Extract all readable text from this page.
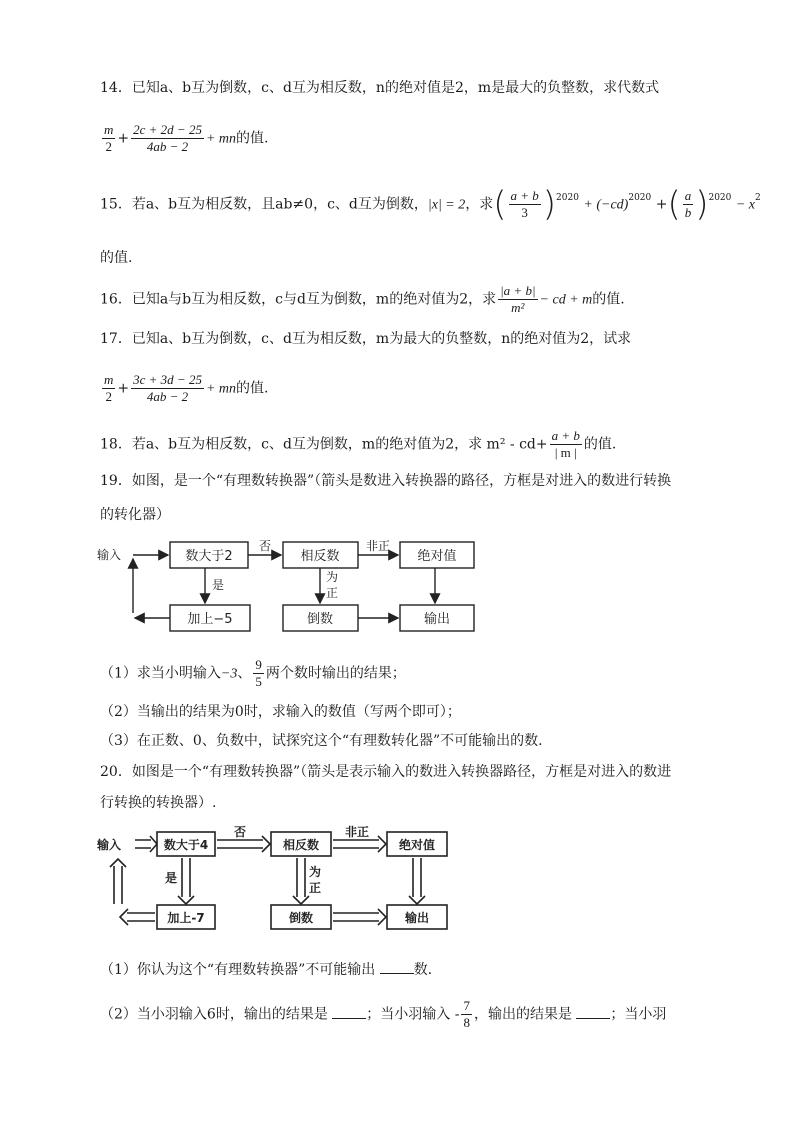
14．已知a、b互为倒数，c、d互为相反数，n的绝对值是2，m是最大的负整数，求代数式
$\frac{m}{2} + \frac{2c + 2d - 25}{4ab - 2}$ + mn的值.
15．若a、b互为相反数，且ab≠0，c、d互为倒数，|x| = 2，求( $\frac{a + b}{3} )^{2020} + (-cd)^{2020}$ +( $\frac{a}{b} )^{2020} - x^2$
的值.
16．已知a与b互为相反数，c与d互为倒数，m的绝对值为2，求 $\frac{|a + b|}{\text{m²}}$ − cd + m的值.
17．已知a、b互为倒数，c、d互为相反数，m为最大的负整数，n的绝对值为2，试求
$\frac{m}{2} + \frac{3c + 3d - 25}{4ab - 2}$ + mn的值.
18．若a、b互为相反数，c、d互为倒数，m的绝对值为2，求 $m^2 - cd+ \frac{a + b}{| m |}$ 的值.
19．如图，是一个“有理数转换器”（箭头是数进入转换器的路径，方框是对进入的数进行转换
的转化器）
输入	数大于2
否
相反数
非正
绝对值
是
为
正
加上−5	倒数	输出
（1）求当小明输入−3、 $\frac{9}{5}$ 两个数时输出的结果；
（2）当输出的结果为0时，求输入的数值（写两个即可）；
（3）在正数、0、负数中，试探究这个“有理数转化器”不可能输出的数.
20．如图是一个“有理数转换器”（箭头是表示输入的数进入转换器路径，方框是对进入的数进
行转换的转换器）.
输入	数大于4
否
相反数
非正
绝对值
是	为
正
加上-7	倒数	输出
（1）你认为这个“有理数转换器”不可能输出	数.
（2）当小羽输入6时，输出的结果是	；当小羽输入 - $\frac{7}{8}$ ，输出的结果是	；当小羽
